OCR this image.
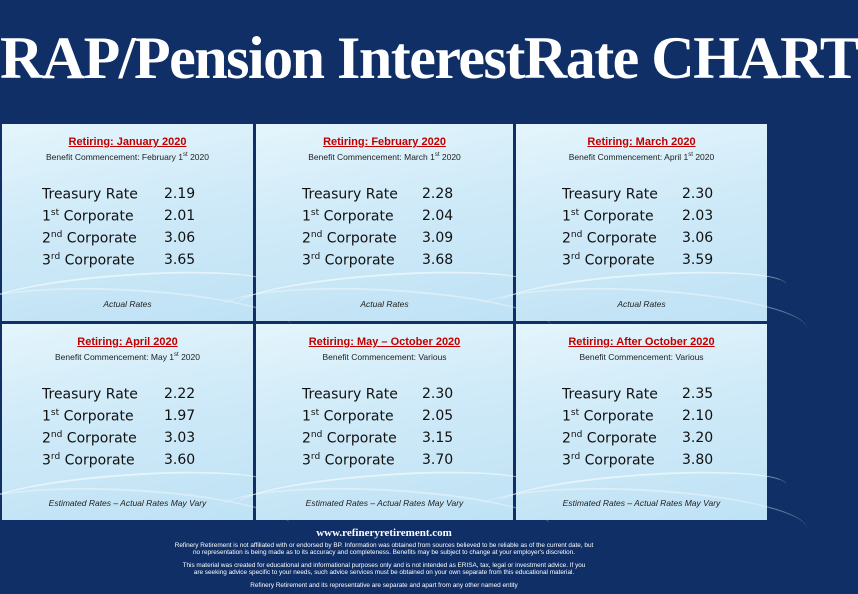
RAP/Pension InterestRate CHART
Retiring: January 2020
Benefit Commencement: February 1st 2020
Treasury Rate 2.19
1st Corporate 2.01
2nd Corporate 3.06
3rd Corporate 3.65
Actual Rates
Retiring: February 2020
Benefit Commencement: March 1st 2020
Treasury Rate 2.28
1st Corporate 2.04
2nd Corporate 3.09
3rd Corporate 3.68
Actual Rates
Retiring: March 2020
Benefit Commencement: April 1st 2020
Treasury Rate 2.30
1st Corporate 2.03
2nd Corporate 3.06
3rd Corporate 3.59
Actual Rates
Retiring: April 2020
Benefit Commencement: May 1st 2020
Treasury Rate 2.22
1st Corporate 1.97
2nd Corporate 3.03
3rd Corporate 3.60
Estimated Rates – Actual Rates May Vary
Retiring: May – October 2020
Benefit Commencement: Various
Treasury Rate 2.30
1st Corporate 2.05
2nd Corporate 3.15
3rd Corporate 3.70
Estimated Rates – Actual Rates May Vary
Retiring: After October 2020
Benefit Commencement: Various
Treasury Rate 2.35
1st Corporate 2.10
2nd Corporate 3.20
3rd Corporate 3.80
Estimated Rates – Actual Rates May Vary
www.refineryretirement.com
Refinery Retirement is not affiliated with or endorsed by BP. Information was obtained from sources believed to be reliable as of the current date, but
no representation is being made as to its accuracy and completeness. Benefits may be subject to change at your employer's discretion.
This material was created for educational and informational purposes only and is not intended as ERISA, tax, legal or investment advice. If you
are seeking advice specific to your needs, such advice services must be obtained on your own separate from this educational material.
Refinery Retirement and its representative are separate and apart from any other named entity
